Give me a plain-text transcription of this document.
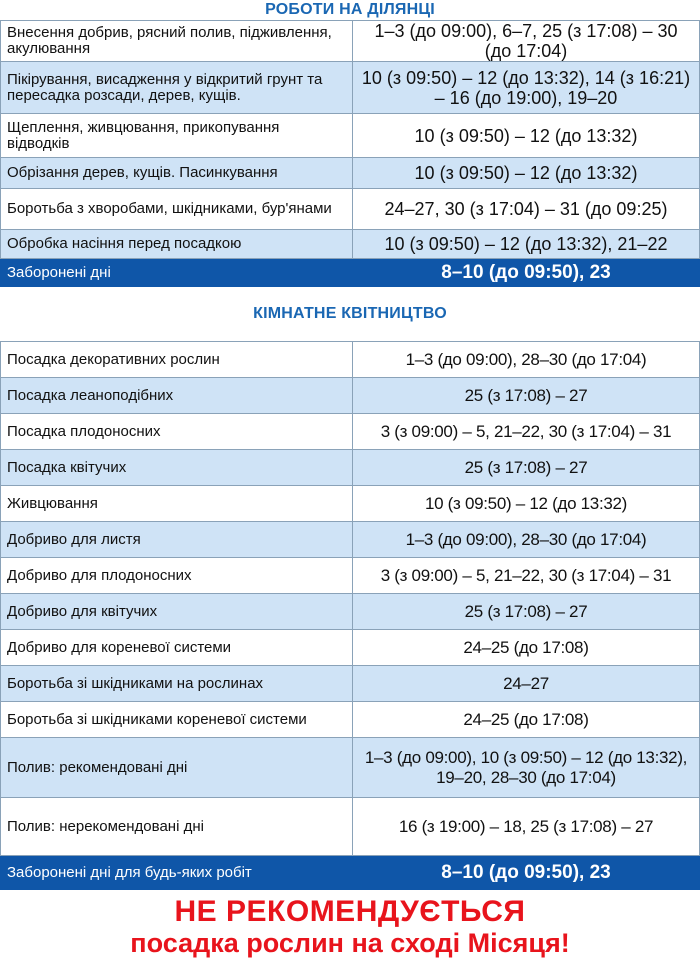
РОБОТИ НА ДІЛЯНЦІ
Внесення добрив, рясний полив, підживлення, акулювання	1–3 (до 09:00), 6–7, 25 (з 17:08) – 30 (до 17:04)
Пікірування, висадження у відкритий грунт та пересадка розсади, дерев, кущів.	10 (з 09:50) – 12 (до 13:32), 14 (з 16:21) – 16 (до 19:00), 19–20
Щеплення, живцювання, прикопування відводків	10 (з 09:50) – 12 (до 13:32)
Обрізання дерев, кущів. Пасинкування	10 (з 09:50) – 12 (до 13:32)
Боротьба з хворобами, шкідниками, бур'янами	24–27, 30 (з 17:04) – 31 (до 09:25)
Обробка насіння перед посадкою	10 (з 09:50) – 12 (до 13:32), 21–22
Заборонені дні	8–10 (до 09:50), 23
КІМНАТНЕ КВІТНИЦТВО
Посадка декоративних рослин	1–3 (до 09:00), 28–30 (до 17:04)
Посадка леаноподібних	25 (з 17:08) – 27
Посадка плодоносних	3 (з 09:00) – 5, 21–22, 30 (з 17:04) – 31
Посадка квітучих	25 (з 17:08) – 27
Живцювання	10 (з 09:50) – 12 (до 13:32)
Добриво для листя	1–3 (до 09:00), 28–30 (до 17:04)
Добриво для плодоносних	3 (з 09:00) – 5, 21–22, 30 (з 17:04) – 31
Добриво для квітучих	25 (з 17:08) – 27
Добриво для кореневої системи	24–25 (до 17:08)
Боротьба зі шкідниками на рослинах	24–27
Боротьба зі шкідниками кореневої системи	24–25 (до 17:08)
Полив: рекомендовані дні	1–3 (до 09:00), 10 (з 09:50) – 12 (до 13:32), 19–20, 28–30 (до 17:04)
Полив: нерекомендовані дні	16 (з 19:00) – 18, 25 (з 17:08) – 27
Заборонені дні для будь-яких робіт	8–10 (до 09:50), 23
НЕ РЕКОМЕНДУЄТЬСЯ
посадка рослин на сході Місяця!
